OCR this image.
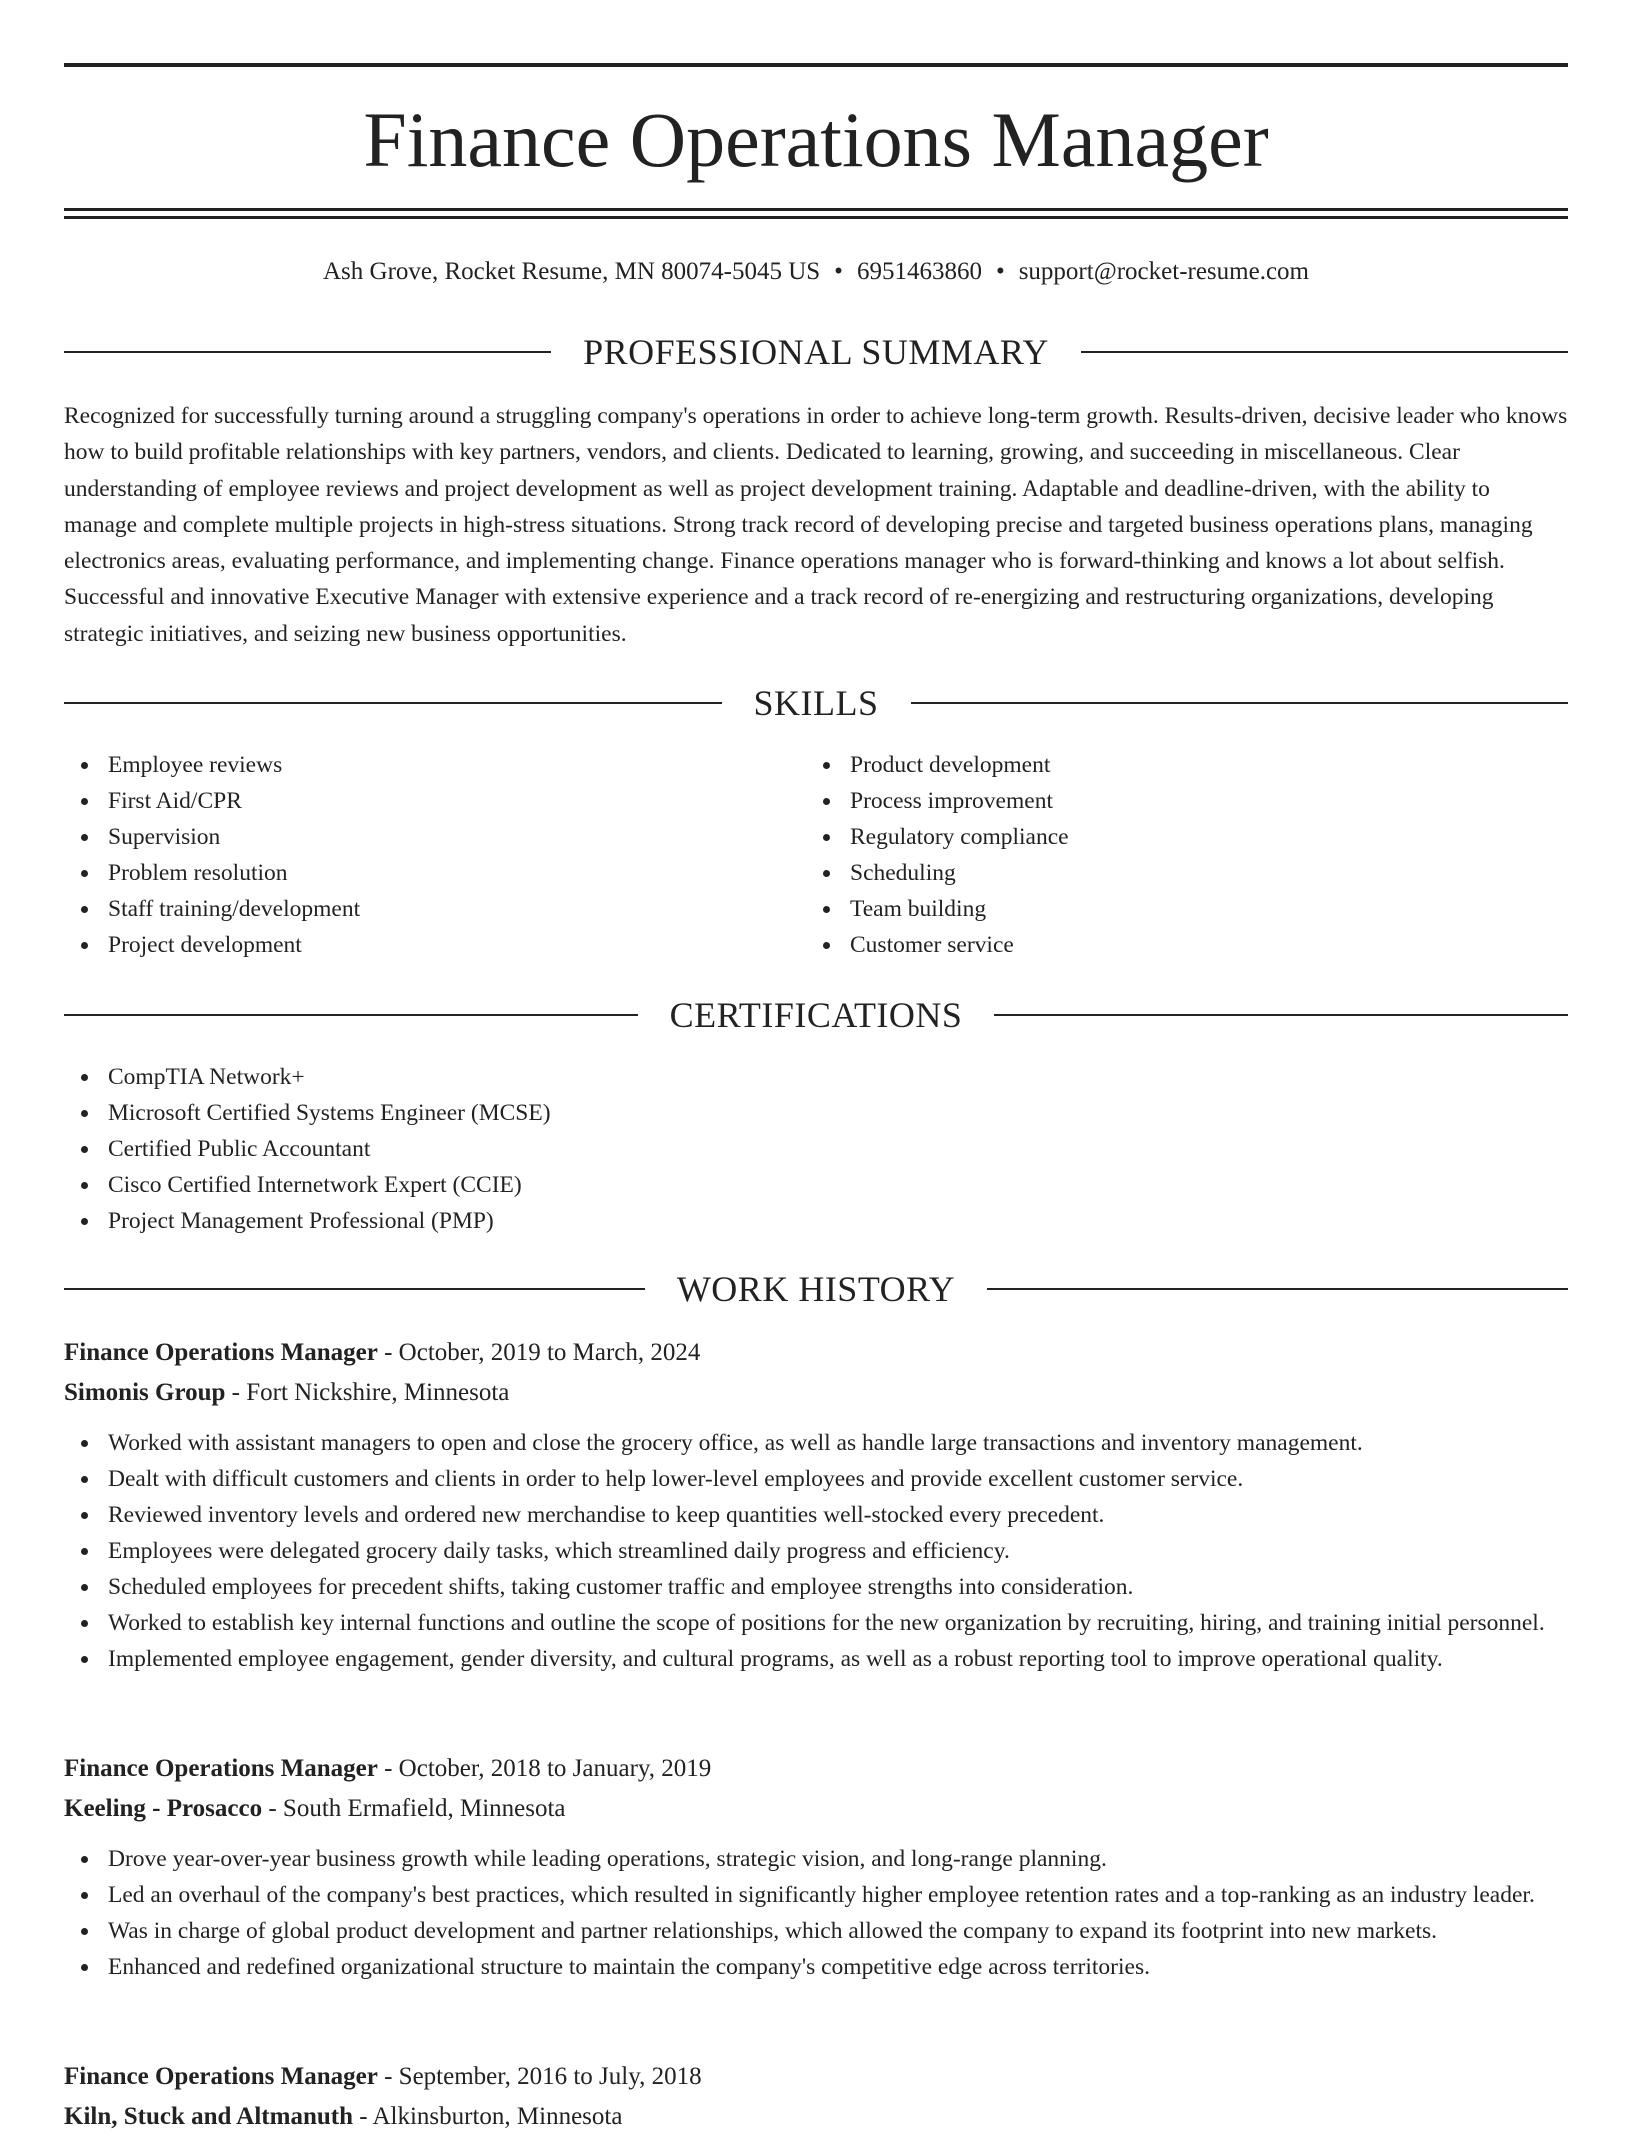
Finance Operations Manager
Ash Grove, Rocket Resume, MN 80074-5045 US • 6951463860 • support@rocket-resume.com
PROFESSIONAL SUMMARY

Recognized for successfully turning around a struggling company's operations in order to achieve long-term growth. Results-driven, decisive leader who knows how to build profitable relationships with key partners, vendors, and clients. Dedicated to learning, growing, and succeeding in miscellaneous. Clear understanding of employee reviews and project development as well as project development training. Adaptable and deadline-driven, with the ability to manage and complete multiple projects in high-stress situations. Strong track record of developing precise and targeted business operations plans, managing electronics areas, evaluating performance, and implementing change. Finance operations manager who is forward-thinking and knows a lot about selfish. Successful and innovative Executive Manager with extensive experience and a track record of re-energizing and restructuring organizations, developing strategic initiatives, and seizing new business opportunities.

SKILLS
Employee reviews
First Aid/CPR
Supervision
Problem resolution
Staff training/development
Project development
Product development
Process improvement
Regulatory compliance
Scheduling
Team building
Customer service
CERTIFICATIONS
CompTIA Network+
Microsoft Certified Systems Engineer (MCSE)
Certified Public Accountant
Cisco Certified Internetwork Expert (CCIE)
Project Management Professional (PMP)
WORK HISTORY
Finance Operations Manager - October, 2019 to March, 2024
Simonis Group - Fort Nickshire, Minnesota
Worked with assistant managers to open and close the grocery office, as well as handle large transactions and inventory management.
Dealt with difficult customers and clients in order to help lower-level employees and provide excellent customer service.
Reviewed inventory levels and ordered new merchandise to keep quantities well-stocked every precedent.
Employees were delegated grocery daily tasks, which streamlined daily progress and efficiency.
Scheduled employees for precedent shifts, taking customer traffic and employee strengths into consideration.
Worked to establish key internal functions and outline the scope of positions for the new organization by recruiting, hiring, and training initial personnel.
Implemented employee engagement, gender diversity, and cultural programs, as well as a robust reporting tool to improve operational quality.
Finance Operations Manager - October, 2018 to January, 2019
Keeling - Prosacco - South Ermafield, Minnesota
Drove year-over-year business growth while leading operations, strategic vision, and long-range planning.
Led an overhaul of the company's best practices, which resulted in significantly higher employee retention rates and a top-ranking as an industry leader.
Was in charge of global product development and partner relationships, which allowed the company to expand its footprint into new markets.
Enhanced and redefined organizational structure to maintain the company's competitive edge across territories.
Finance Operations Manager - September, 2016 to July, 2018
Kiln, Stuck and Altmanuth - Alkinsburton, Minnesota
